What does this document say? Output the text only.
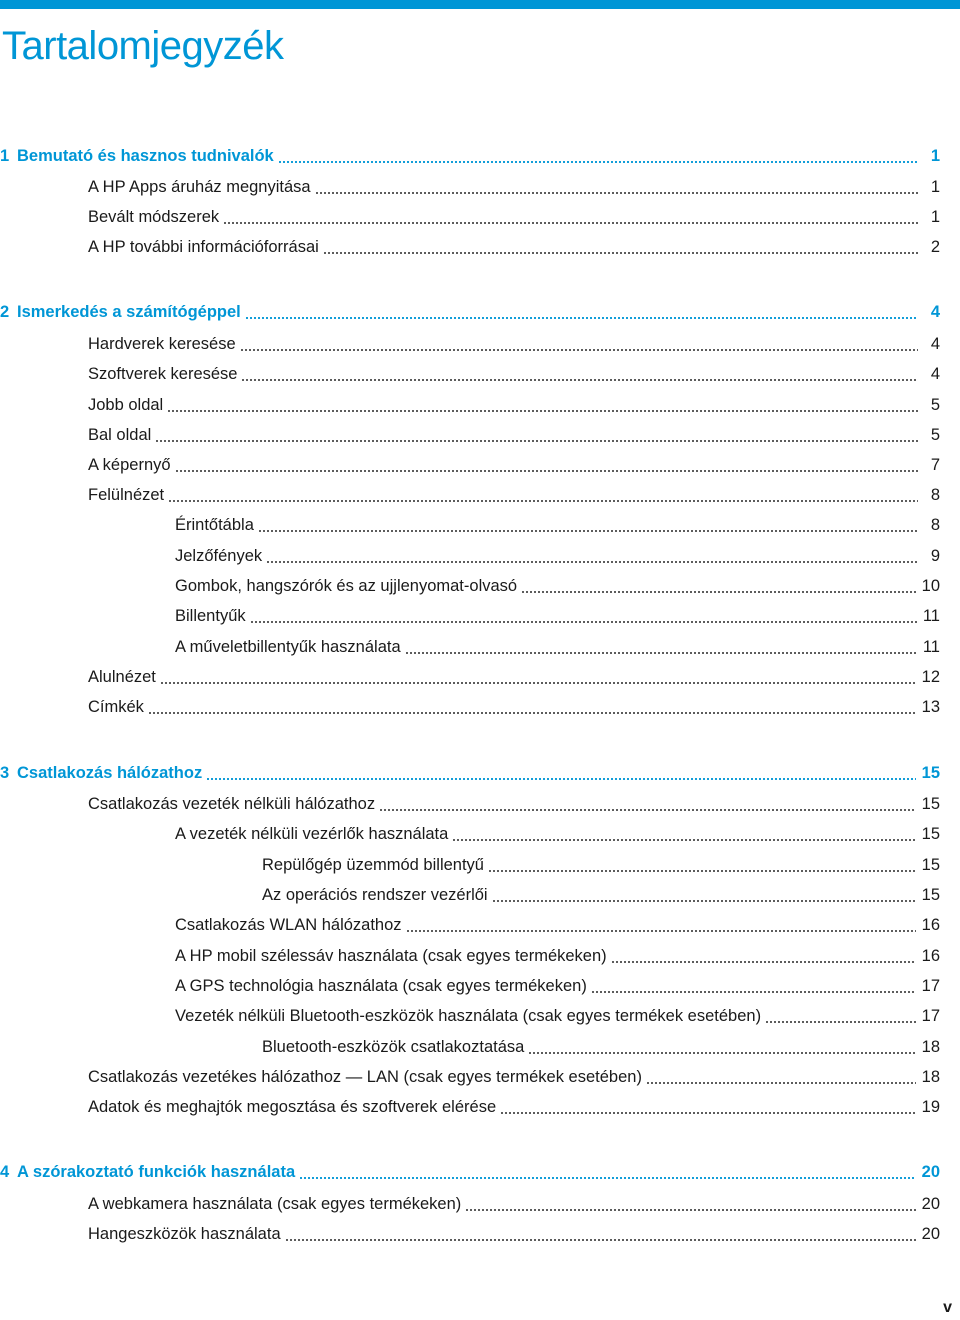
Tartalomjegyzék
1 Bemutató és hasznos tudnivalók	1
A HP Apps áruház megnyitása	1
Bevált módszerek	1
A HP további információforrásai	2
2 Ismerkedés a számítógéppel	4
Hardverek keresése	4
Szoftverek keresése	4
Jobb oldal	5
Bal oldal	5
A képernyő	7
Felülnézet	8
Érintőtábla	8
Jelzőfények	9
Gombok, hangszórók és az ujjlenyomat-olvasó	10
Billentyűk	11
A műveletbillentyűk használata	11
Alulnézet	12
Címkék	13
3 Csatlakozás hálózathoz	15
Csatlakozás vezeték nélküli hálózathoz	15
A vezeték nélküli vezérlők használata	15
Repülőgép üzemmód billentyű	15
Az operációs rendszer vezérlői	15
Csatlakozás WLAN hálózathoz	16
A HP mobil szélessáv használata (csak egyes termékeken)	16
A GPS technológia használata (csak egyes termékeken)	17
Vezeték nélküli Bluetooth-eszközök használata (csak egyes termékek esetében)	17
Bluetooth-eszközök csatlakoztatása	18
Csatlakozás vezetékes hálózathoz — LAN (csak egyes termékek esetében)	18
Adatok és meghajtók megosztása és szoftverek elérése	19
4 A szórakoztató funkciók használata	20
A webkamera használata (csak egyes termékeken)	20
Hangeszközök használata	20
v
